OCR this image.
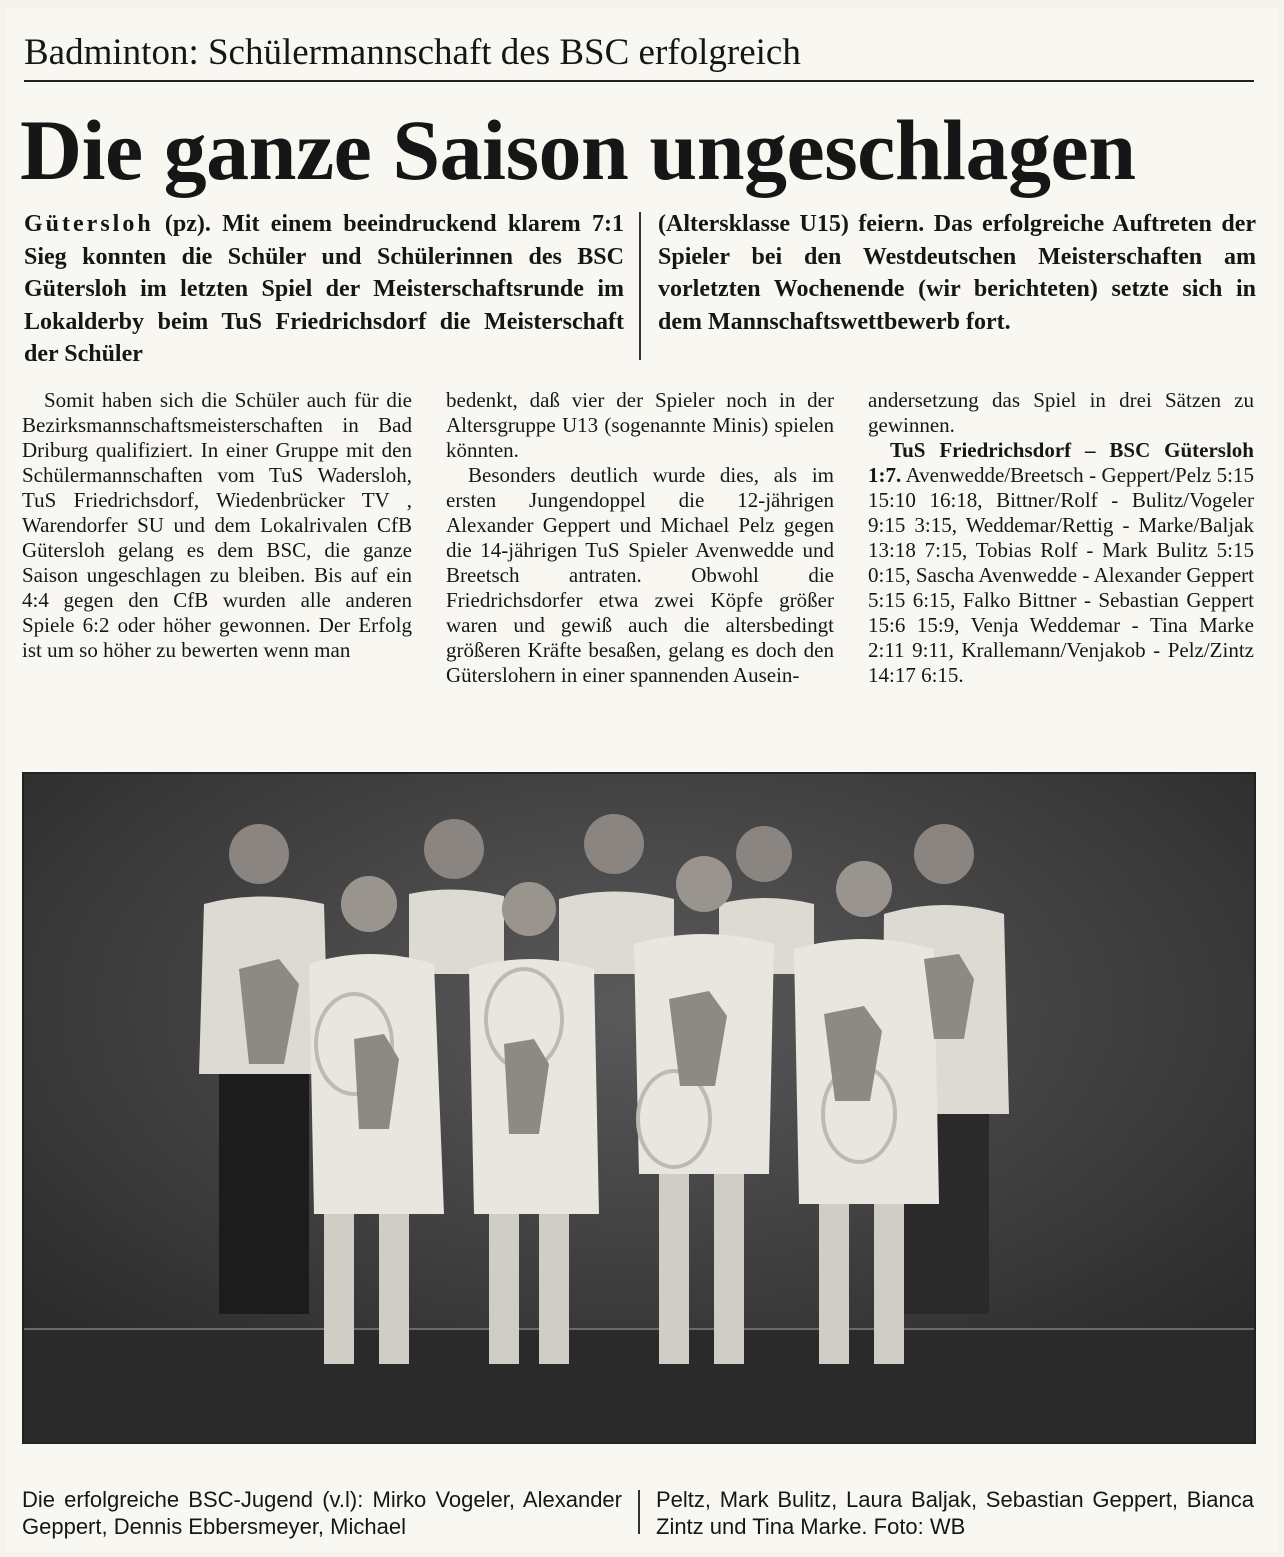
Badminton: Schülermannschaft des BSC erfolgreich
Die ganze Saison ungeschlagen
Gütersloh (pz). Mit einem beeindruckend klarem 7:1 Sieg konnten die Schüler und Schülerinnen des BSC Gütersloh im letzten Spiel der Meisterschaftsrunde im Lokalderby beim TuS Friedrichsdorf die Meisterschaft der Schüler
(Altersklasse U15) feiern. Das erfolgreiche Auftreten der Spieler bei den Westdeutschen Meisterschaften am vorletzten Wochenende (wir berichteten) setzte sich in dem Mannschaftswettbewerb fort.

Somit haben sich die Schüler auch für die Bezirksmannschaftsmeisterschaften in Bad Driburg qualifiziert. In einer Gruppe mit den Schülermannschaften vom TuS Wadersloh, TuS Friedrichsdorf, Wiedenbrücker TV , Warendorfer SU und dem Lokalrivalen CfB Gütersloh gelang es dem BSC, die ganze Saison ungeschlagen zu bleiben. Bis auf ein 4:4 gegen den CfB wurden alle anderen Spiele 6:2 oder höher gewonnen. Der Erfolg ist um so höher zu bewerten wenn man

bedenkt, daß vier der Spieler noch in der Altersgruppe U13 (sogenannte Minis) spielen könnten.

Besonders deutlich wurde dies, als im ersten Jungendoppel die 12-jährigen Alexander Geppert und Michael Pelz gegen die 14-jährigen TuS Spieler Avenwedde und Breetsch antraten. Obwohl die Friedrichsdorfer etwa zwei Köpfe größer waren und gewiß auch die altersbedingt größeren Kräfte besaßen, gelang es doch den Güterslohern in einer spannenden Ausein-

andersetzung das Spiel in drei Sätzen zu gewinnen.

TuS Friedrichsdorf – BSC Gütersloh 1:7. Avenwedde/Breetsch - Geppert/Pelz 5:15 15:10 16:18, Bittner/Rolf - Bulitz/Vogeler 9:15 3:15, Weddemar/Rettig - Marke/Baljak 13:18 7:15, Tobias Rolf - Mark Bulitz 5:15 0:15, Sascha Avenwedde - Alexander Geppert 5:15 6:15, Falko Bittner - Sebastian Geppert 15:6 15:9, Venja Weddemar - Tina Marke 2:11 9:11, Krallemann/Venjakob - Pelz/Zintz 14:17 6:15.

Die erfolgreiche BSC-Jugend (v.l): Mirko Vogeler, Alexander Geppert, Dennis Ebbersmeyer, Michael
Peltz, Mark Bulitz, Laura Baljak, Sebastian Geppert, Bianca Zintz und Tina Marke. Foto: WB
